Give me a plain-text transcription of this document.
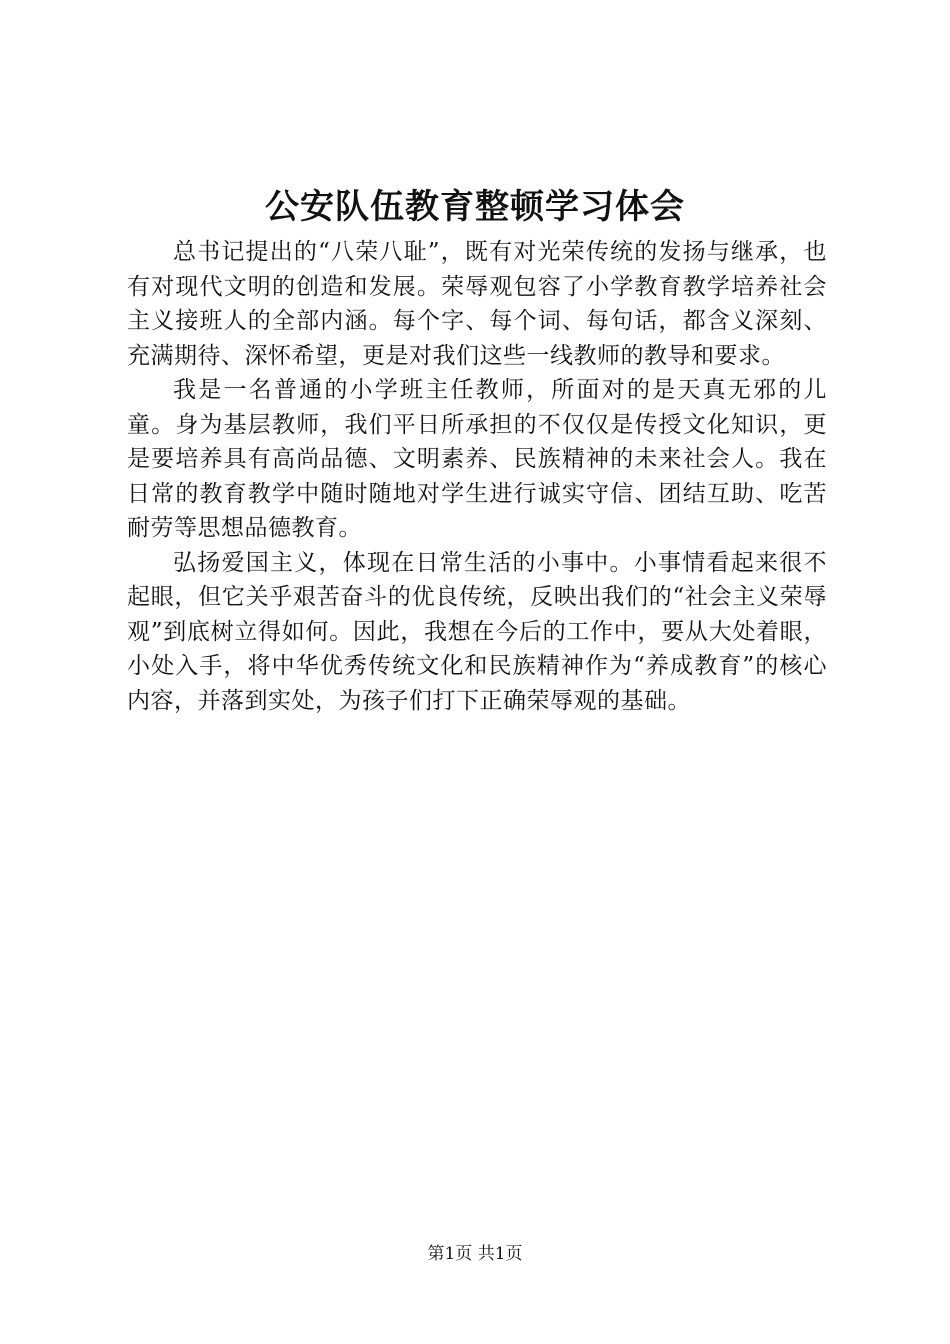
公安队伍教育整顿学习体会

总书记提出的“八荣八耻”，既有对光荣传统的发扬与继承，也有对现代文明的创造和发展。荣辱观包容了小学教育教学培养社会主义接班人的全部内涵。每个字、每个词、每句话，都含义深刻、充满期待、深怀希望，更是对我们这些一线教师的教导和要求。

我是一名普通的小学班主任教师，所面对的是天真无邪的儿童。身为基层教师，我们平日所承担的不仅仅是传授文化知识，更是要培养具有高尚品德、文明素养、民族精神的未来社会人。我在日常的教育教学中随时随地对学生进行诚实守信、团结互助、吃苦耐劳等思想品德教育。

弘扬爱国主义，体现在日常生活的小事中。小事情看起来很不起眼，但它关乎艰苦奋斗的优良传统，反映出我们的“社会主义荣辱观”到底树立得如何。因此，我想在今后的工作中，要从大处着眼，小处入手，将中华优秀传统文化和民族精神作为“养成教育”的核心内容，并落到实处，为孩子们打下正确荣辱观的基础。

第1页 共1页
